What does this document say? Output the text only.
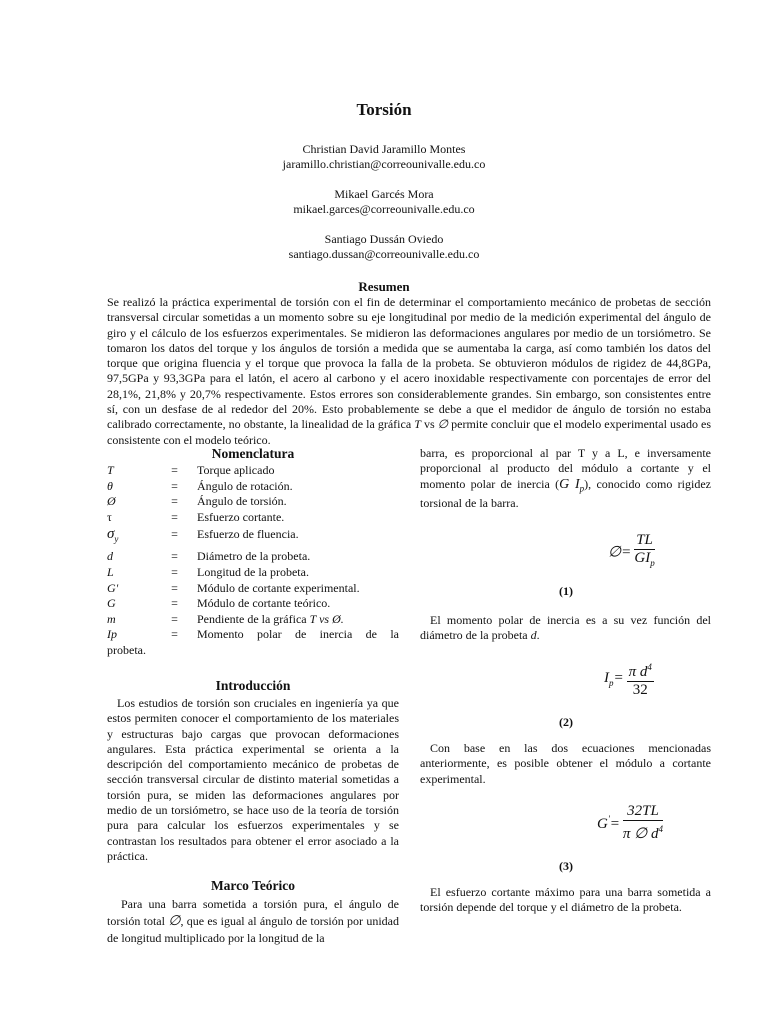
Torsión
Christian David Jaramillo Montes
jaramillo.christian@correounivalle.edu.co
Mikael Garcés Mora
mikael.garces@correounivalle.edu.co
Santiago Dussán Oviedo
santiago.dussan@correounivalle.edu.co
Resumen
Se realizó la práctica experimental de torsión con el fin de determinar el comportamiento mecánico de probetas de sección transversal circular sometidas a un momento sobre su eje longitudinal por medio de la medición experimental del ángulo de giro y el cálculo de los esfuerzos experimentales. Se midieron las deformaciones angulares por medio de un torsiómetro. Se tomaron los datos del torque y los ángulos de torsión a medida que se aumentaba la carga, así como también los datos del torque que origina fluencia y el torque que provoca la falla de la probeta. Se obtuvieron módulos de rigidez de 44,8GPa, 97,5GPa y 93,3GPa para el latón, el acero al carbono y el acero inoxidable respectivamente con porcentajes de error del 28,1%, 21,8% y 20,7% respectivamente. Estos errores son considerablemente grandes. Sin embargo, son consistentes entre sí, con un desfase de al rededor del 20%. Esto probablemente se debe a que el medidor de ángulo de torsión no estaba calibrado correctamente, no obstante, la linealidad de la gráfica T vs ∅ permite concluir que el modelo experimental usado es consistente con el modelo teórico.
Nomenclatura
T	=	Torque aplicado
θ	=	Ángulo de rotación.
Ø	=	Ángulo de torsión.
τ	=	Esfuerzo cortante.
$\sigma_y$	=	Esfuerzo de fluencia.
d	=	Diámetro de la probeta.
L	=	Longitud de la probeta.
G'	=	Módulo de cortante experimental.
G	=	Módulo de cortante teórico.
m	=	Pendiente de la gráfica T vs Ø.
Ip	=	Momento polar de inercia de la
probeta.
Introducción

Los estudios de torsión son cruciales en ingeniería ya que estos permiten conocer el comportamiento de los materiales y estructuras bajo cargas que provocan deformaciones angulares. Esta práctica experimental se orienta a la descripción del comportamiento mecánico de probetas de sección transversal circular de distinto material sometidas a torsión pura, se miden las deformaciones angulares por medio de un torsiómetro, se hace uso de la teoría de torsión pura para calcular los esfuerzos experimentales y se contrastan los resultados para obtener el error asociado a la práctica.

Marco Teórico

Para una barra sometida a torsión pura, el ángulo de torsión total ∅, que es igual al ángulo de torsión por unidad de longitud multiplicado por la longitud de la

barra, es proporcional al par T y a L, e inversamente proporcional al producto del módulo a cortante y el momento polar de inercia (G $I_p$), conocido como rigidez torsional de la barra.

∅= $\frac{TL}{GI_p}$
(1)

El momento polar de inercia es a su vez función del diámetro de la probeta d.

$I_p= \frac{\pi d^4}{32}$
(2)

Con base en las dos ecuaciones mencionadas anteriormente, es posible obtener el módulo a cortante experimental.

$G'= \frac{32TL}{\pi \emptyset d^4}$
(3)

El esfuerzo cortante máximo para una barra sometida a torsión depende del torque y el diámetro de la probeta.
